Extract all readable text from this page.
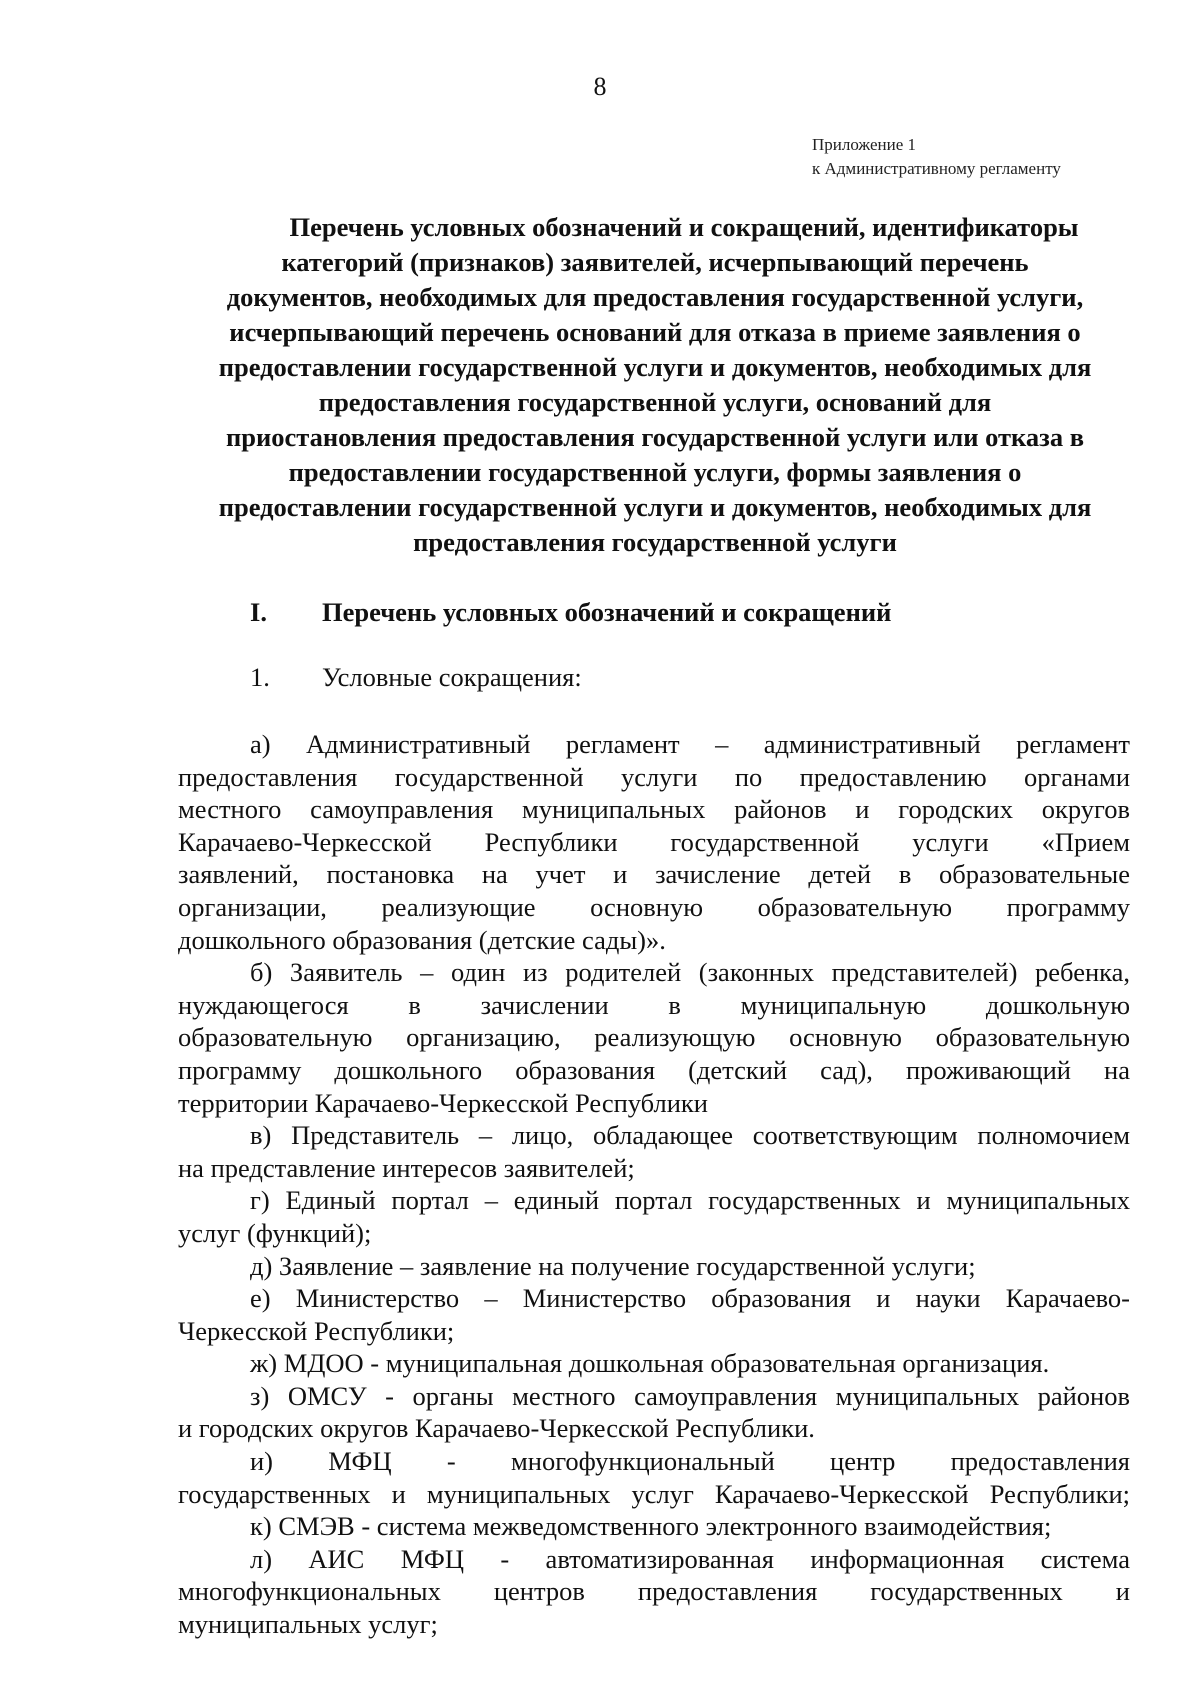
8
Приложение 1
к Административному регламенту
Перечень условных обозначений и сокращений, идентификаторы
категорий (признаков) заявителей, исчерпывающий перечень
документов, необходимых для предоставления государственной услуги,
исчерпывающий перечень оснований для отказа в приеме заявления о
предоставлении государственной услуги и документов, необходимых для
предоставления государственной услуги, оснований для
приостановления предоставления государственной услуги или отказа в
предоставлении государственной услуги, формы заявления о
предоставлении государственной услуги и документов, необходимых для
предоставления государственной услуги
I. Перечень условных обозначений и сокращений
1. Условные сокращения:
а) Административный регламент – административный регламент
предоставления государственной услуги по предоставлению органами
местного самоуправления муниципальных районов и городских округов
Карачаево-Черкесской Республики государственной услуги «Прием
заявлений, постановка на учет и зачисление детей в образовательные
организации, реализующие основную образовательную программу
дошкольного образования (детские сады)».
б) Заявитель – один из родителей (законных представителей) ребенка,
нуждающегося в зачислении в муниципальную дошкольную
образовательную организацию, реализующую основную образовательную
программу дошкольного образования (детский сад), проживающий на
территории Карачаево-Черкесской Республики
в) Представитель – лицо, обладающее соответствующим полномочием
на представление интересов заявителей;
г) Единый портал – единый портал государственных и муниципальных
услуг (функций);
д) Заявление – заявление на получение государственной услуги;
е) Министерство – Министерство образования и науки Карачаево-
Черкесской Республики;
ж) МДОО - муниципальная дошкольная образовательная организация.
з) ОМСУ - органы местного самоуправления муниципальных районов
и городских округов Карачаево-Черкесской Республики.
и) МФЦ - многофункциональный центр предоставления
государственных и муниципальных услуг Карачаево-Черкесской Республики;
к) СМЭВ - система межведомственного электронного взаимодействия;
л) АИС МФЦ - автоматизированная информационная система
многофункциональных центров предоставления государственных и
муниципальных услуг;
